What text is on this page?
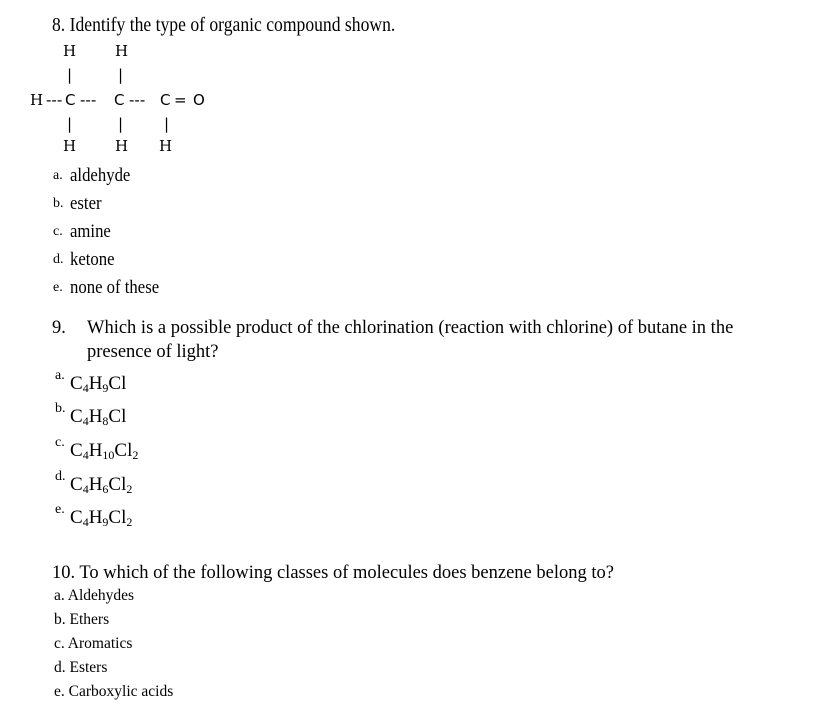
8. Identify the type of organic compound shown.
H	H
|	|
H --- C --- C --- C = O
|	|	|
H	H H
a. aldehyde
b. ester
c. amine
d. ketone
e. none of these
9. Which is a possible product of the chlorination (reaction with chlorine) of butane in the
presence of light?
a. $C_4H_9Cl$
b. $C_4H_8Cl$
c. $C_4H_{10}Cl_2$
d. $C_4H_6Cl_2$
e. $C_4H_9Cl_2$
10. To which of the following classes of molecules does benzene belong to?
a. Aldehydes
b. Ethers
c. Aromatics
d. Esters
e. Carboxylic acids
